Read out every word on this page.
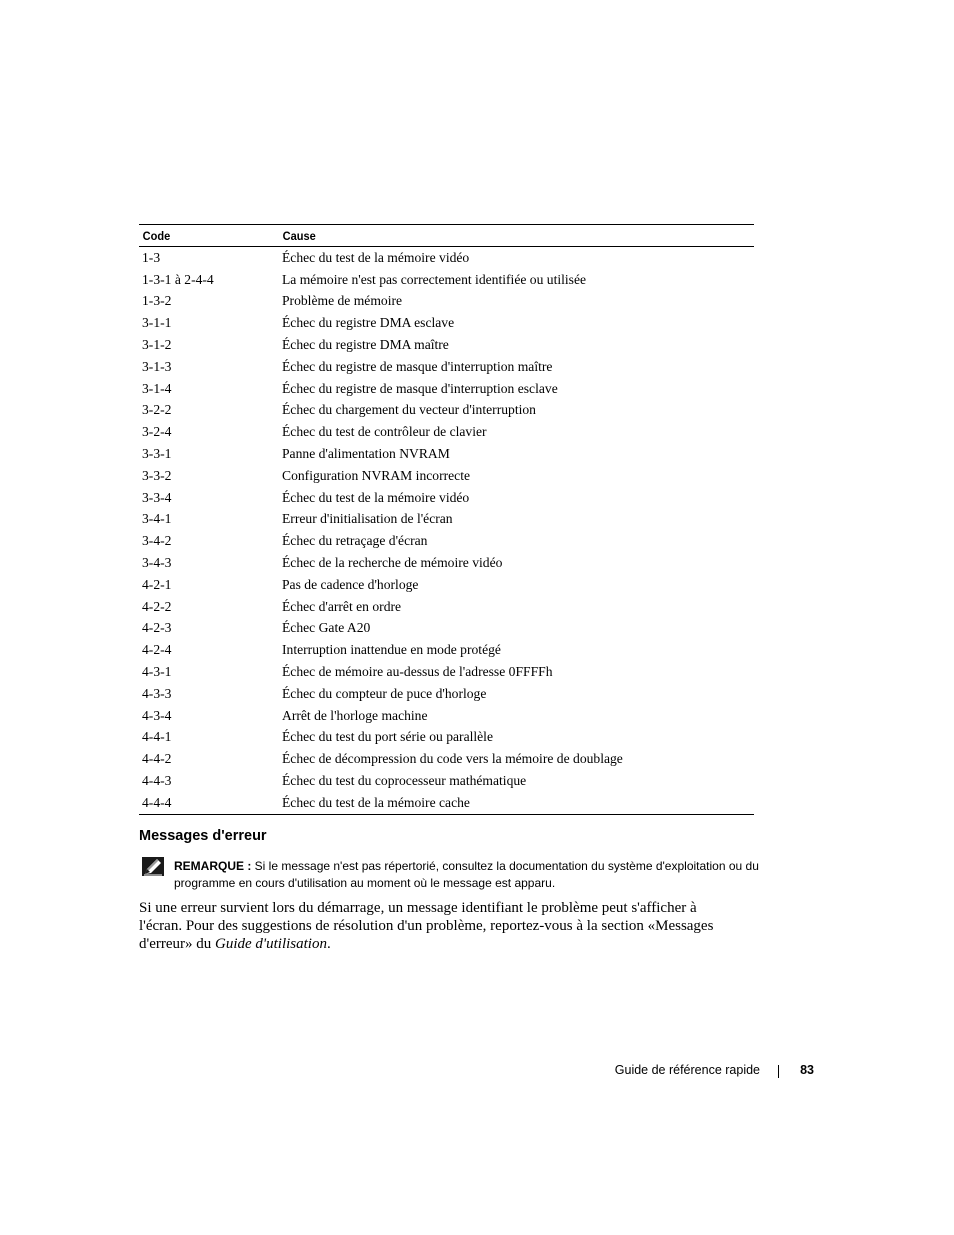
Code	Cause
1-3	Échec du test de la mémoire vidéo
1-3-1 à 2-4-4	La mémoire n'est pas correctement identifiée ou utilisée
1-3-2	Problème de mémoire
3-1-1	Échec du registre DMA esclave
3-1-2	Échec du registre DMA maître
3-1-3	Échec du registre de masque d'interruption maître
3-1-4	Échec du registre de masque d'interruption esclave
3-2-2	Échec du chargement du vecteur d'interruption
3-2-4	Échec du test de contrôleur de clavier
3-3-1	Panne d'alimentation NVRAM
3-3-2	Configuration NVRAM incorrecte
3-3-4	Échec du test de la mémoire vidéo
3-4-1	Erreur d'initialisation de l'écran
3-4-2	Échec du retraçage d'écran
3-4-3	Échec de la recherche de mémoire vidéo
4-2-1	Pas de cadence d'horloge
4-2-2	Échec d'arrêt en ordre
4-2-3	Échec Gate A20
4-2-4	Interruption inattendue en mode protégé
4-3-1	Échec de mémoire au-dessus de l'adresse 0FFFFh
4-3-3	Échec du compteur de puce d'horloge
4-3-4	Arrêt de l'horloge machine
4-4-1	Échec du test du port série ou parallèle
4-4-2	Échec de décompression du code vers la mémoire de doublage
4-4-3	Échec du test du coprocesseur mathématique
4-4-4	Échec du test de la mémoire cache
Messages d'erreur
REMARQUE : Si le message n'est pas répertorié, consultez la documentation du système d'exploitation ou du programme en cours d'utilisation au moment où le message est apparu.

Si une erreur survient lors du démarrage, un message identifiant le problème peut s'afficher à l'écran. Pour des suggestions de résolution d'un problème, reportez-vous à la section «Messages d'erreur» du Guide d'utilisation.

Guide de référence rapide	83
